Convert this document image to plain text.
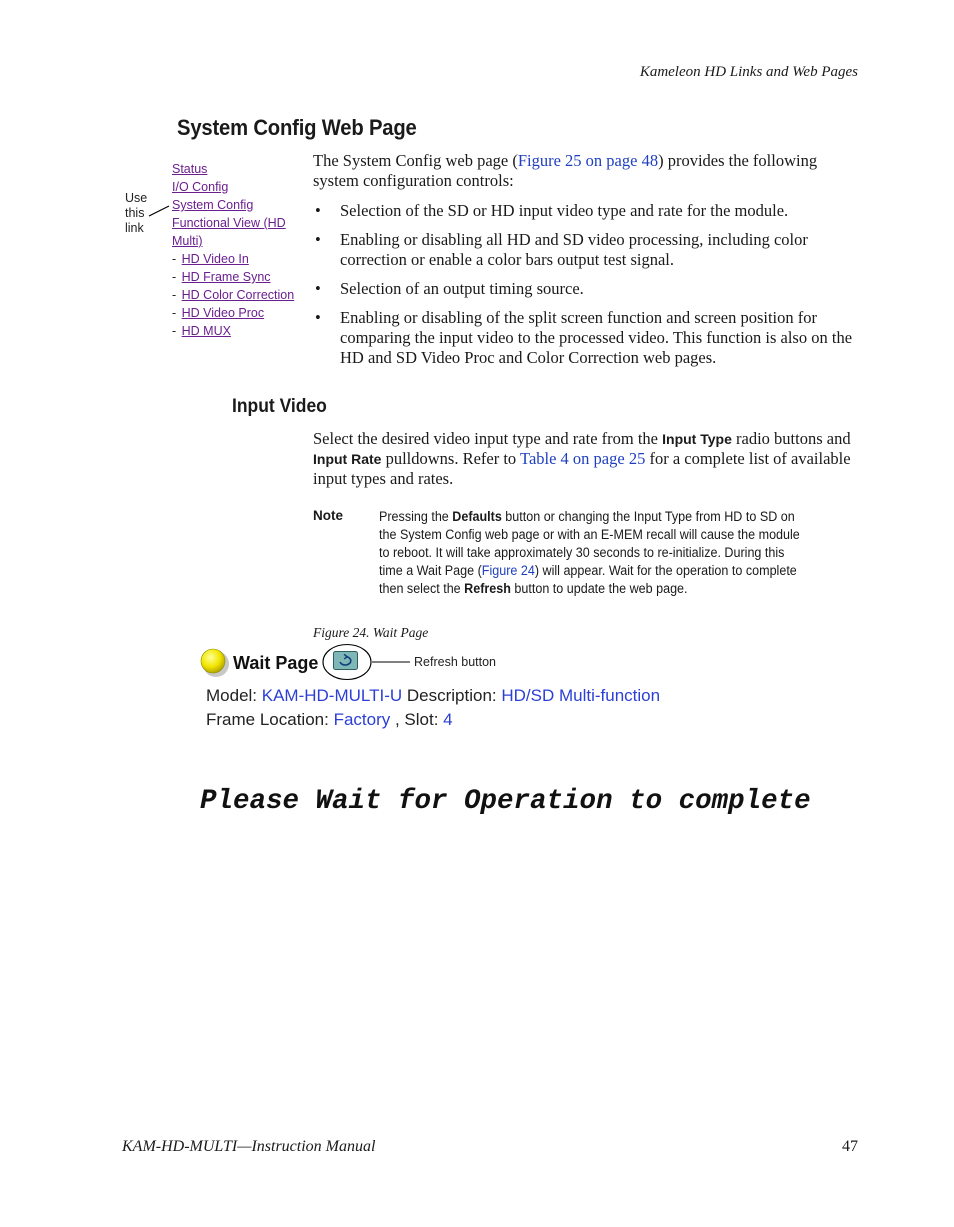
Kameleon HD Links and Web Pages
System Config Web Page
Status
I/O Config
System Config
Functional View (HD
Multi)
- HD Video In
- HD Frame Sync
- HD Color Correction
- HD Video Proc
- HD MUX
Use
this
link
The System Config web page (Figure 25 on page 48) provides the following system configuration controls:
• Selection of the SD or HD input video type and rate for the module.
• Enabling or disabling all HD and SD video processing, including color correction or enable a color bars output test signal.
• Selection of an output timing source.
• Enabling or disabling of the split screen function and screen position for comparing the input video to the processed video. This function is also on the HD and SD Video Proc and Color Correction web pages.
Input Video
Select the desired video input type and rate from the Input Type radio buttons and Input Rate pulldowns. Refer to Table 4 on page 25 for a complete list of available input types and rates.
Note	Pressing the Defaults button or changing the Input Type from HD to SD on the System Config web page or with an E-MEM recall will cause the module to reboot. It will take approximately 30 seconds to re-initialize. During this time a Wait Page (Figure 24) will appear. Wait for the operation to complete then select the Refresh button to update the web page.
Figure 24. Wait Page
Wait Page	Refresh button
Model: KAM-HD-MULTI-U Description: HD/SD Multi-function
Frame Location: Factory , Slot: 4
Please Wait for Operation to complete
KAM-HD-MULTI—Instruction Manual	47
